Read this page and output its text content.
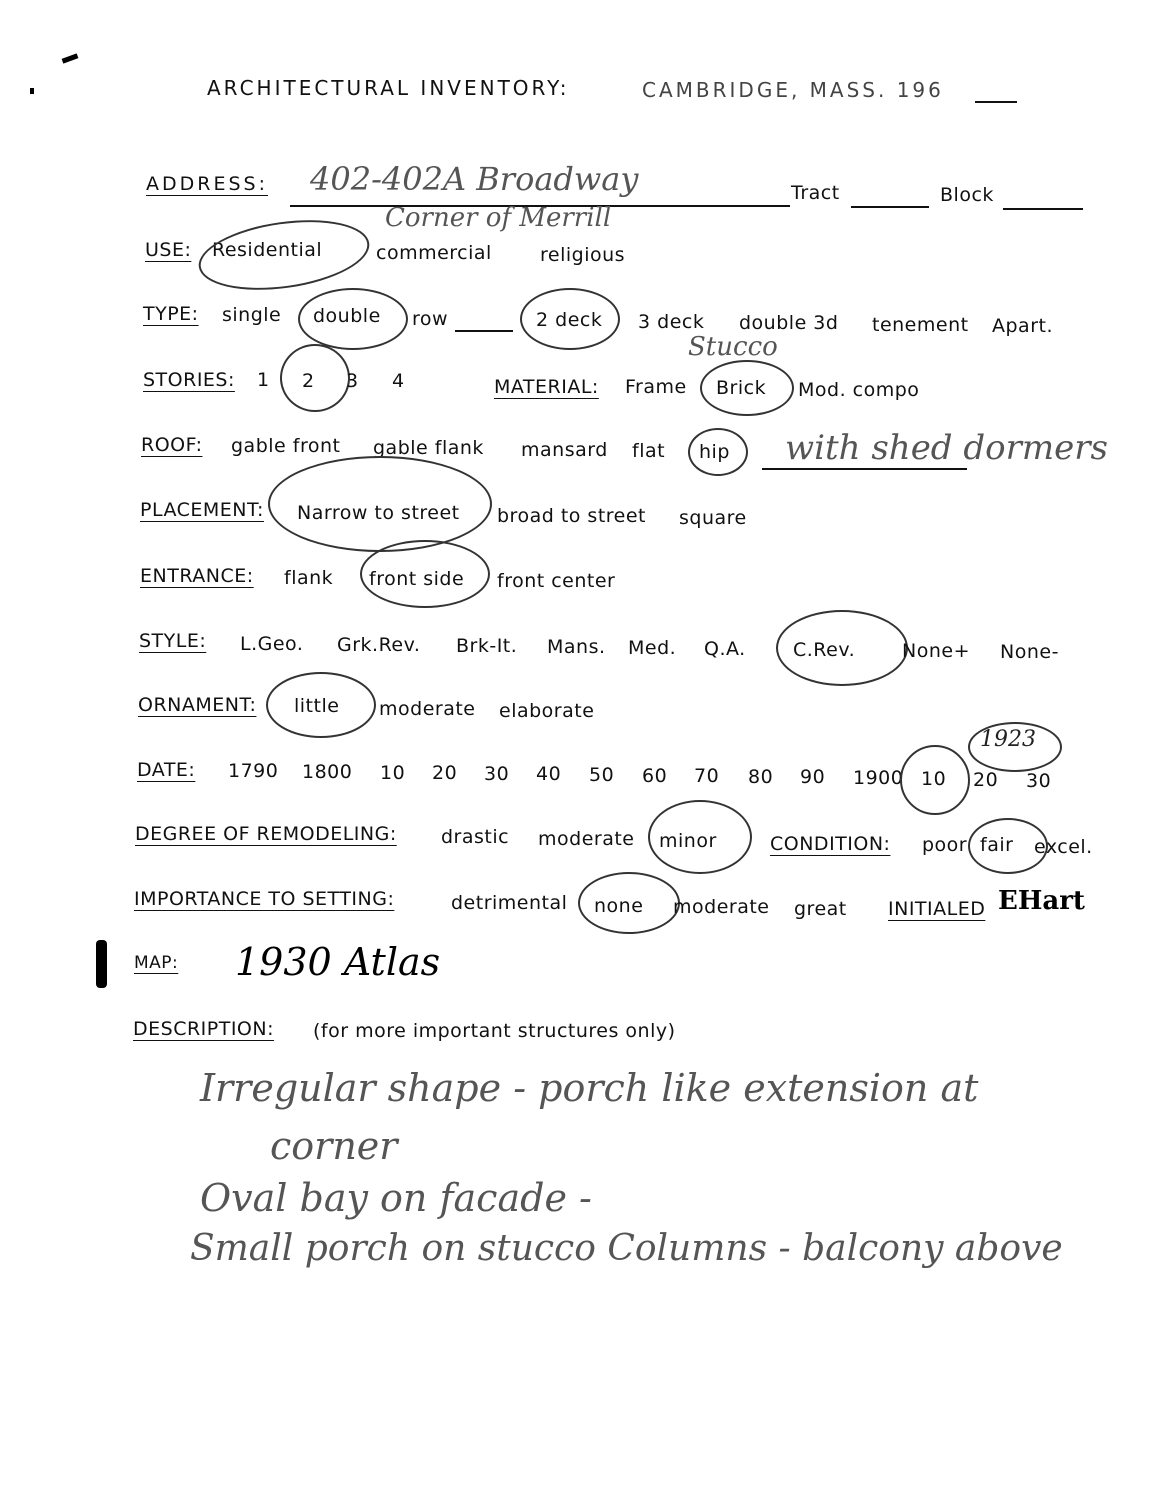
ARCHITECTURAL INVENTORY:	CAMBRIDGE, MASS. 196
ADDRESS: 402-402A Broadway	Tract	Block
Corner of Merrill
USE: Residential	commercial	religious
TYPE: single double row	2 deck 3 deck double 3d tenement Apart.
STORIES: 1 2 3 4	MATERIAL: Frame Brick Mod. compo
Stucco
ROOF: gable front gable flank mansard flat hip with shed dormers
PLACEMENT: Narrow to street broad to street square
ENTRANCE: flank front side front center
STYLE: L.Geo. Grk.Rev. Brk-It. Mans. Med. Q.A. C.Rev. None+ None-
ORNAMENT: little moderate elaborate
DATE: 1790 1800 10 20 30 40 50 60 70 80 90 1900 10 20 30
1923
DEGREE OF REMODELING: drastic moderate minor	CONDITION: poor fair excel.
IMPORTANCE TO SETTING:	detrimental none moderate great INITIALED EHart
MAP: 1930 Atlas
DESCRIPTION: (for more important structures only)
Irregular shape - porch like extension at
corner
Oval bay on facade -
Small porch on stucco Columns - balcony above
